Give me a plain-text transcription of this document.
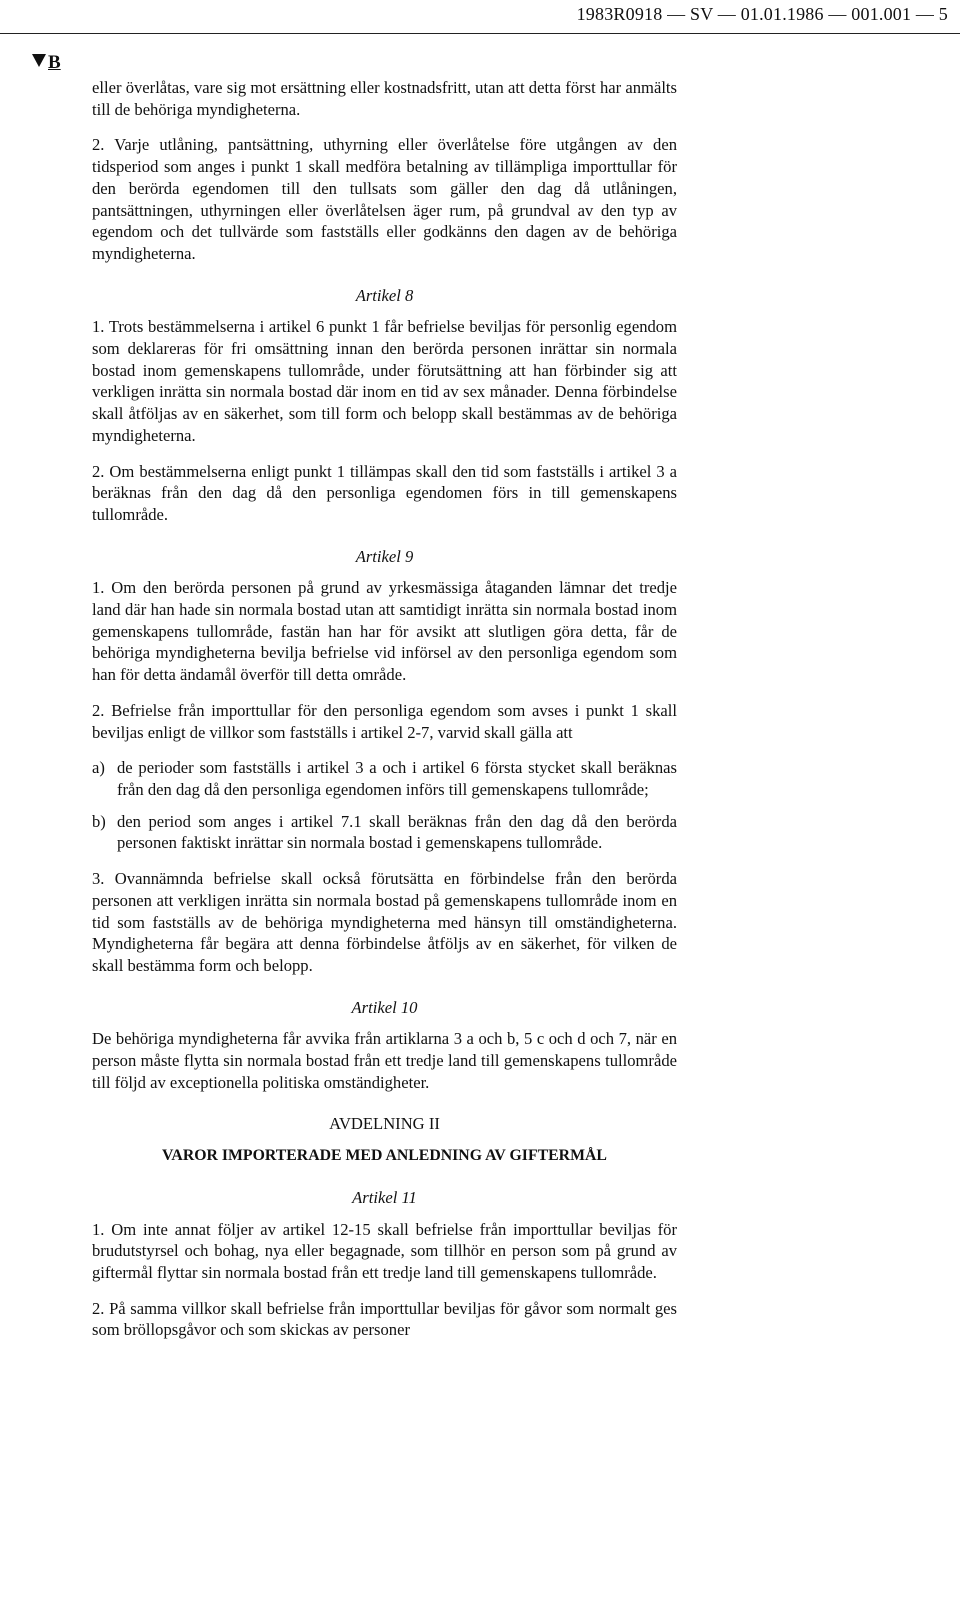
1983R0918 — SV — 01.01.1986 — 001.001 — 5
B

eller överlåtas, vare sig mot ersättning eller kostnadsfritt, utan att detta först har anmälts till de behöriga myndigheterna.

2. Varje utlåning, pantsättning, uthyrning eller överlåtelse före utgången av den tidsperiod som anges i punkt 1 skall medföra betalning av tillämpliga importtullar för den berörda egendomen till den tullsats som gäller den dag då utlåningen, pantsättningen, uthyrningen eller överlåtelsen äger rum, på grundval av den typ av egendom och det tullvärde som fastställs eller godkänns den dagen av de behöriga myndigheterna.

Artikel 8

1. Trots bestämmelserna i artikel 6 punkt 1 får befrielse beviljas för personlig egendom som deklareras för fri omsättning innan den berörda personen inrättar sin normala bostad inom gemenskapens tullområde, under förutsättning att han förbinder sig att verkligen inrätta sin normala bostad där inom en tid av sex månader. Denna förbindelse skall åtföljas av en säkerhet, som till form och belopp skall bestämmas av de behöriga myndigheterna.

2. Om bestämmelserna enligt punkt 1 tillämpas skall den tid som fastställs i artikel 3 a beräknas från den dag då den personliga egendomen förs in till gemenskapens tullområde.

Artikel 9

1. Om den berörda personen på grund av yrkesmässiga åtaganden lämnar det tredje land där han hade sin normala bostad utan att samtidigt inrätta sin normala bostad inom gemenskapens tullområde, fastän han har för avsikt att slutligen göra detta, får de behöriga myndigheterna bevilja befrielse vid införsel av den personliga egendom som han för detta ändamål överför till detta område.

2. Befrielse från importtullar för den personliga egendom som avses i punkt 1 skall beviljas enligt de villkor som fastställs i artikel 2-7, varvid skall gälla att

a) de perioder som fastställs i artikel 3 a och i artikel 6 första stycket skall beräknas från den dag då den personliga egendomen införs till gemenskapens tullområde;
b) den period som anges i artikel 7.1 skall beräknas från den dag då den berörda personen faktiskt inrättar sin normala bostad i gemenskapens tullområde.

3. Ovannämnda befrielse skall också förutsätta en förbindelse från den berörda personen att verkligen inrätta sin normala bostad på gemenskapens tullområde inom en tid som fastställs av de behöriga myndigheterna med hänsyn till omständigheterna. Myndigheterna får begära att denna förbindelse åtföljs av en säkerhet, för vilken de skall bestämma form och belopp.

Artikel 10

De behöriga myndigheterna får avvika från artiklarna 3 a och b, 5 c och d och 7, när en person måste flytta sin normala bostad från ett tredje land till gemenskapens tullområde till följd av exceptionella politiska omständigheter.

AVDELNING II

VAROR IMPORTERADE MED ANLEDNING AV GIFTERMÅL

Artikel 11

1. Om inte annat följer av artikel 12-15 skall befrielse från importtullar beviljas för brudutstyrsel och bohag, nya eller begagnade, som tillhör en person som på grund av giftermål flyttar sin normala bostad från ett tredje land till gemenskapens tullområde.

2. På samma villkor skall befrielse från importtullar beviljas för gåvor som normalt ges som bröllopsgåvor och som skickas av personer
